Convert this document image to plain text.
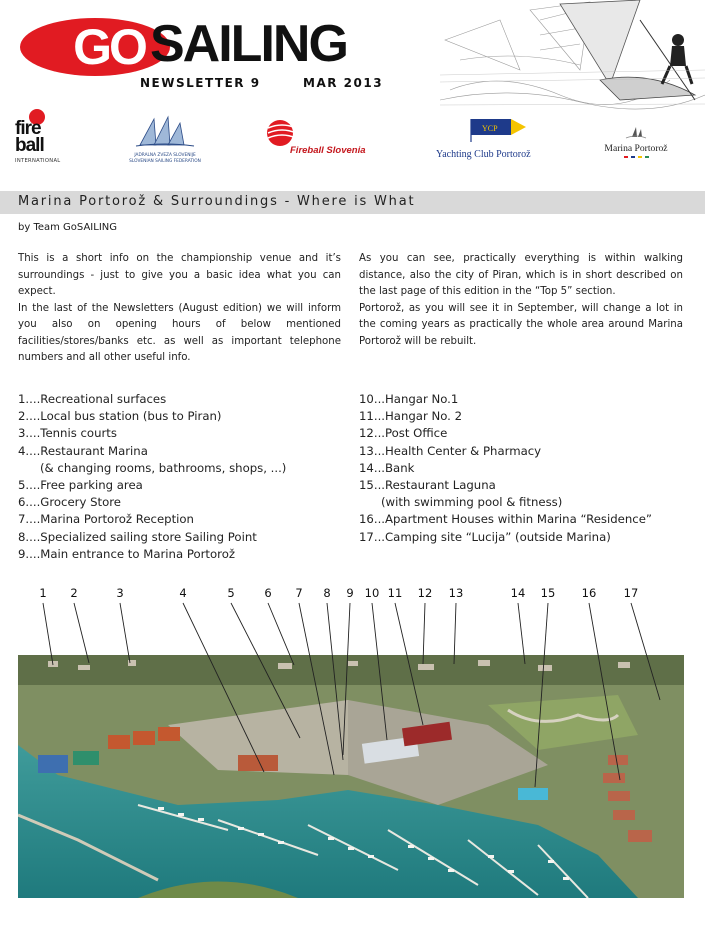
GO SAILING
NEWSLETTER 9	MAR 2013
fire
ball
INTERNATIONAL
JADRALNA ZVEZA SLOVENIJE
SLOVENIAN SAILING FEDERATION
Fireball Slovenia
YCP
Yachting Club Portorož
Marina Portorož
Marina Portorož & Surroundings - Where is What
by Team GoSAILING

This is a short info on the championship venue and it’s surroundings - just to give you a basic idea what you can expect.

In the last of the Newsletters (August edition) we will inform you also on opening hours of below mentioned facilities/stores/banks etc. as well as important telephone numbers and all other useful info.

As you can see, practically everything is within walking distance, also the city of Piran, which is in short described on the last page of this edition in the “Top 5” section.

Portorož, as you will see it in September, will change a lot in the coming years as practically the whole area around Marina Portorož will be rebuilt.

1....Recreational surfaces
2....Local bus station (bus to Piran)
3....Tennis courts
4....Restaurant Marina
(& changing rooms, bathrooms, shops, ...)
5....Free parking area
6....Grocery Store
7....Marina Portorož Reception
8....Specialized sailing store Sailing Point
9....Main entrance to Marina Portorož
10...Hangar No.1
11...Hangar No. 2
12...Post Office
13...Health Center & Pharmacy
14...Bank
15...Restaurant Laguna
(with swimming pool & fitness)
16...Apartment Houses within Marina “Residence”
17...Camping site “Lucija” (outside Marina)
1 2	3	4	5	6 7 8 9 10 11 12 13	14 15 16 17
